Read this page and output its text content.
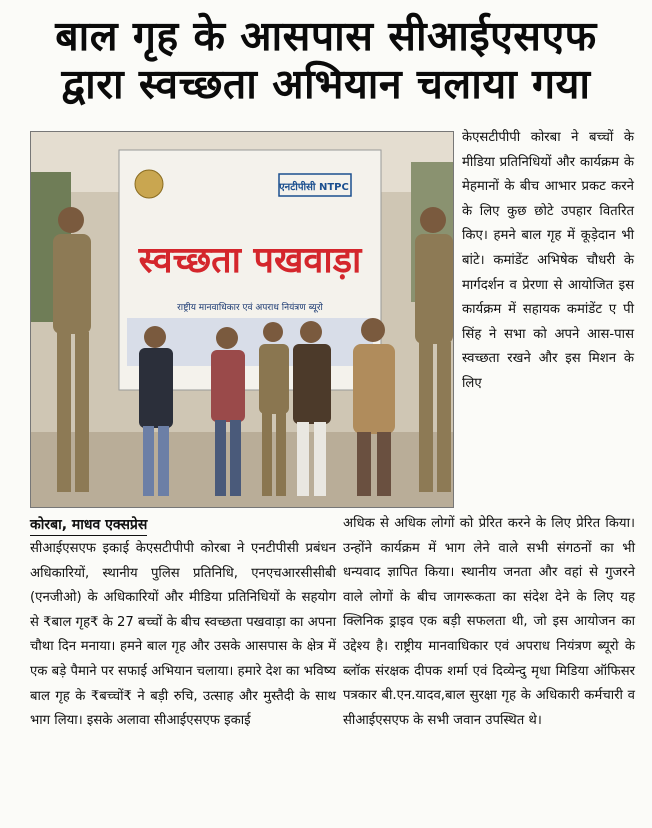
बाल गृह के आसपास सीआईएसएफ
द्वारा स्वच्छता अभियान चलाया गया
एनटीपीसी NTPC
स्वच्छता पखवाड़ा
राष्ट्रीय मानवाधिकार एवं अपराध नियंत्रण ब्यूरो

केएसटीपीपी कोरबा ने बच्चों के मीडिया प्रतिनिधियों और कार्यक्रम के मेहमानों के बीच आभार प्रकट करने के लिए कुछ छोटे उपहार वितरित किए। हमने बाल गृह में कूड़ेदान भी बांटे। कमांडेंट अभिषेक चौधरी के मार्गदर्शन व प्रेरणा से आयोजित इस कार्यक्रम में सहायक कमांडेंट ए पी सिंह ने सभा को अपने आस-पास स्वच्छता रखने और इस मिशन के लिए

कोरबा, माधव एक्सप्रेस

सीआईएसएफ इकाई केएसटीपीपी कोरबा ने एनटीपीसी प्रबंधन अधिकारियों, स्थानीय पुलिस प्रतिनिधि, एनएचआरसीसीबी (एनजीओ) के अधिकारियों और मीडिया प्रतिनिधियों के सहयोग से ₹बाल गृह₹ के 27 बच्चों के बीच स्वच्छता पखवाड़ा का अपना चौथा दिन मनाया। हमने बाल गृह और उसके आसपास के क्षेत्र में एक बड़े पैमाने पर सफाई अभियान चलाया। हमारे देश का भविष्य बाल गृह के ₹बच्चों₹ ने बड़ी रुचि, उत्साह और मुस्तैदी के साथ भाग लिया। इसके अलावा सीआईएसएफ इकाई

अधिक से अधिक लोगों को प्रेरित करने के लिए प्रेरित किया। उन्होंने कार्यक्रम में भाग लेने वाले सभी संगठनों का भी धन्यवाद ज्ञापित किया। स्थानीय जनता और वहां से गुजरने वाले लोगों के बीच जागरूकता का संदेश देने के लिए यह क्लिनिक ड्राइव एक बड़ी सफलता थी, जो इस आयोजन का उद्देश्य है। राष्ट्रीय मानवाधिकार एवं अपराध नियंत्रण ब्यूरो के ब्लॉक संरक्षक दीपक शर्मा एवं दिव्येन्दु मृधा मिडिया ऑफिसर पत्रकार बी.एन.यादव,बाल सुरक्षा गृह के अधिकारी कर्मचारी व सीआईएसएफ के सभी जवान उपस्थित थे।
